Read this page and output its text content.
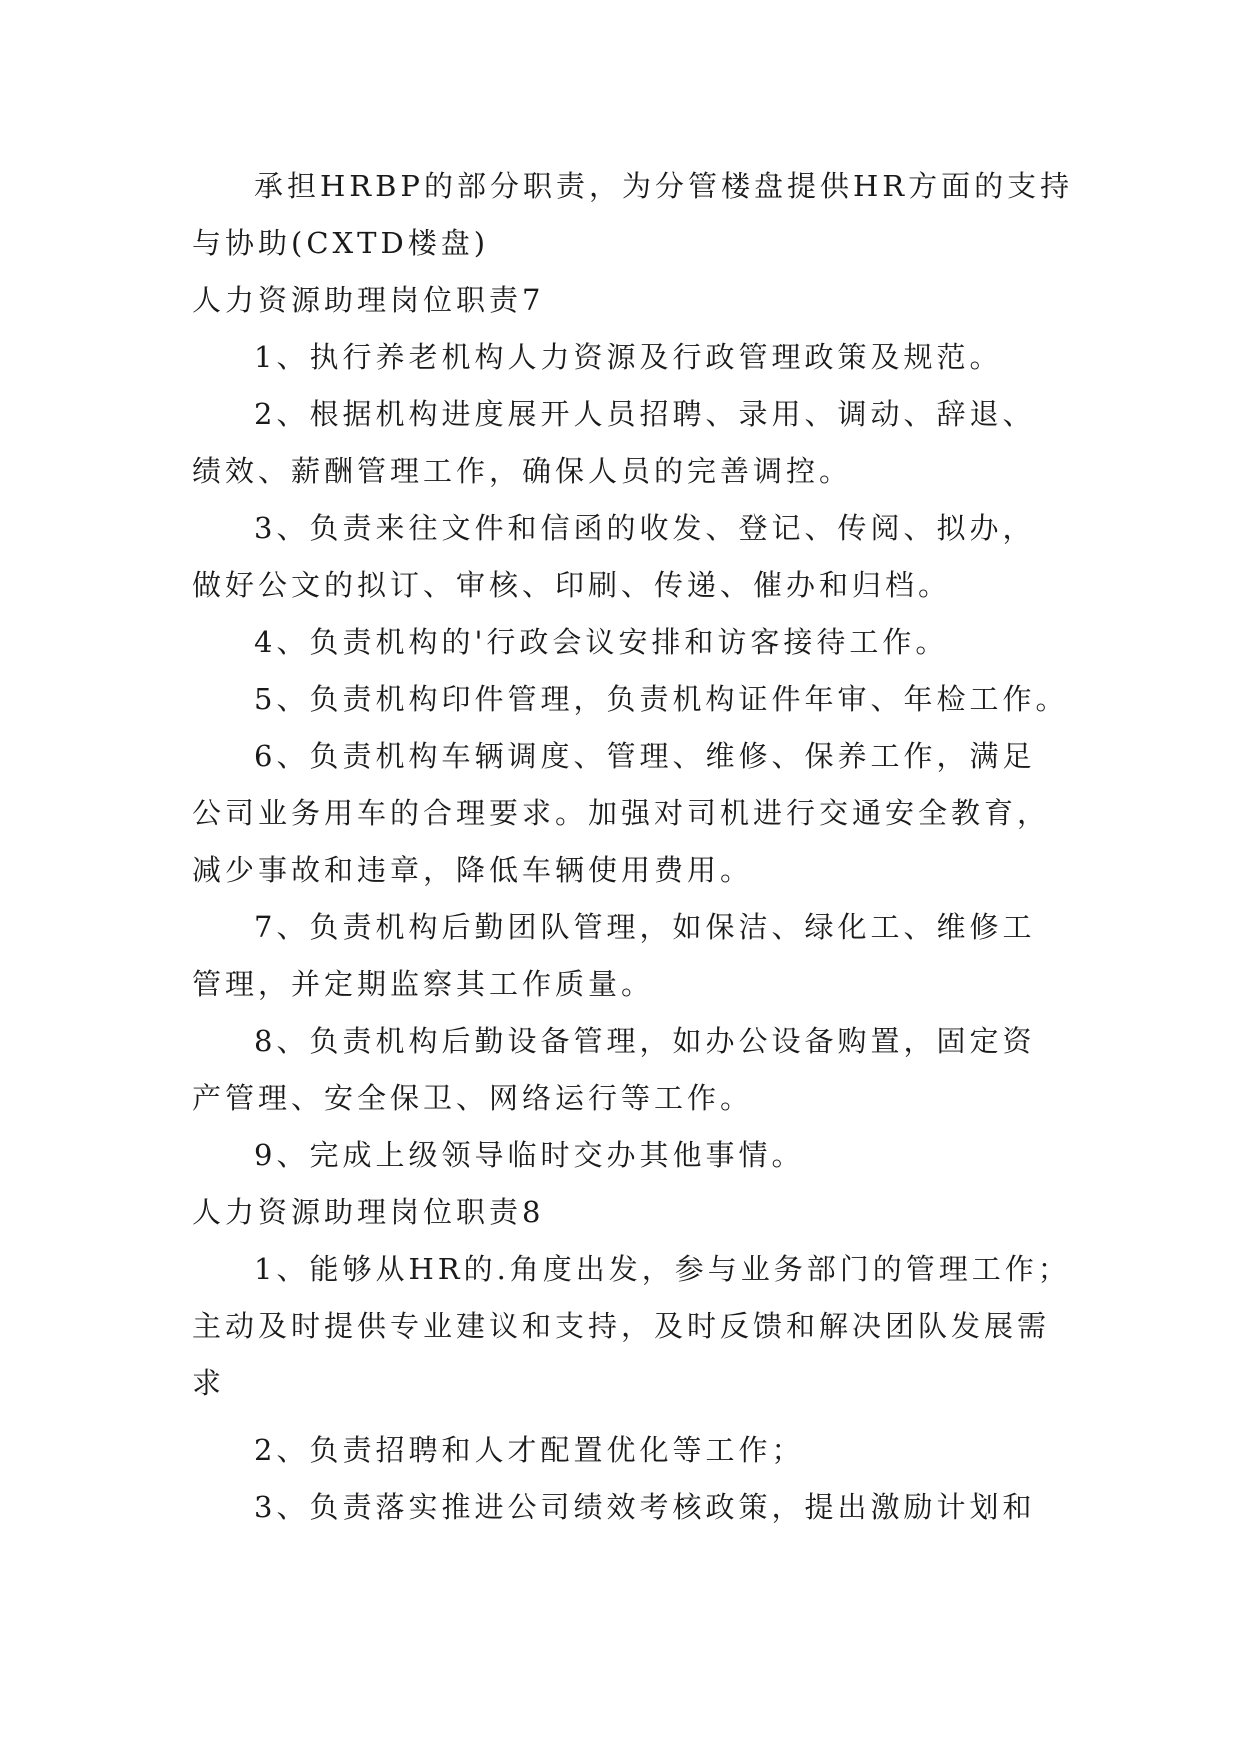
承担HRBP的部分职责，为分管楼盘提供HR方面的支持
与协助(CXTD楼盘)
人力资源助理岗位职责7
1、执行养老机构人力资源及行政管理政策及规范。
2、根据机构进度展开人员招聘、录用、调动、辞退、
绩效、薪酬管理工作，确保人员的完善调控。
3、负责来往文件和信函的收发、登记、传阅、拟办，
做好公文的拟订、审核、印刷、传递、催办和归档。
4、负责机构的'行政会议安排和访客接待工作。
5、负责机构印件管理，负责机构证件年审、年检工作。
6、负责机构车辆调度、管理、维修、保养工作，满足
公司业务用车的合理要求。加强对司机进行交通安全教育，
减少事故和违章，降低车辆使用费用。
7、负责机构后勤团队管理，如保洁、绿化工、维修工
管理，并定期监察其工作质量。
8、负责机构后勤设备管理，如办公设备购置，固定资
产管理、安全保卫、网络运行等工作。
9、完成上级领导临时交办其他事情。
人力资源助理岗位职责8
1、能够从HR的.角度出发，参与业务部门的管理工作；
主动及时提供专业建议和支持，及时反馈和解决团队发展需
求
2、负责招聘和人才配置优化等工作；
3、负责落实推进公司绩效考核政策，提出激励计划和
